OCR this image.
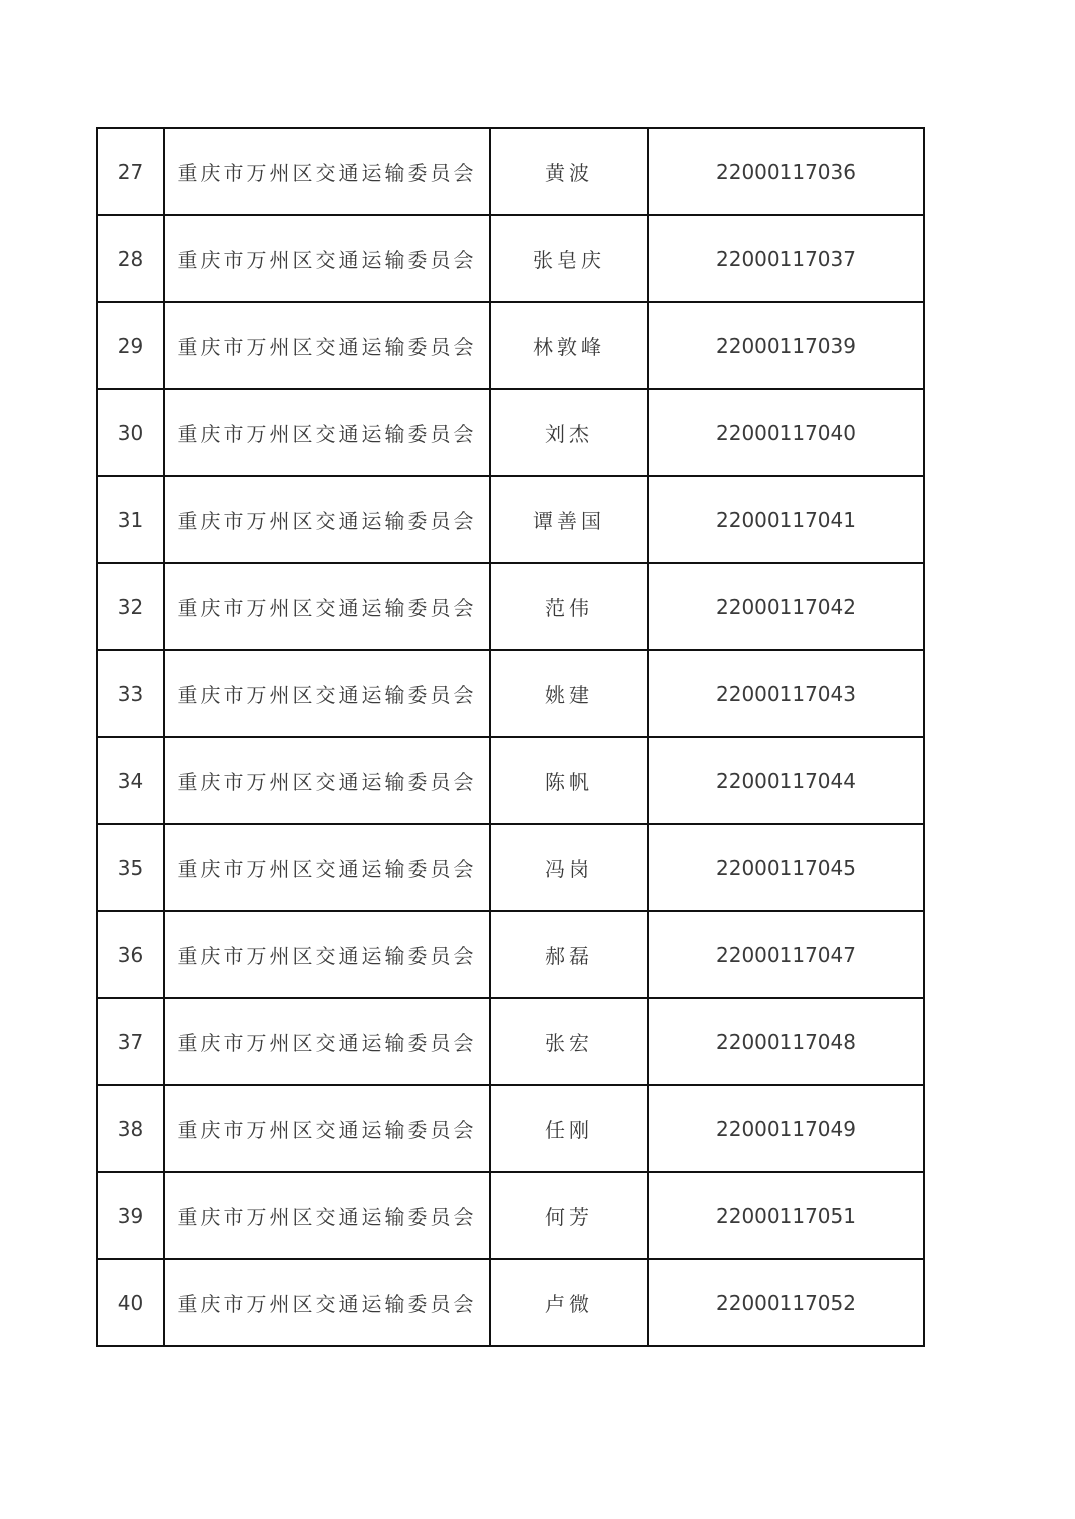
27	重庆市万州区交通运输委员会	黄波	22000117036
28	重庆市万州区交通运输委员会	张皂庆	22000117037
29	重庆市万州区交通运输委员会	林敦峰	22000117039
30	重庆市万州区交通运输委员会	刘杰	22000117040
31	重庆市万州区交通运输委员会	谭善国	22000117041
32	重庆市万州区交通运输委员会	范伟	22000117042
33	重庆市万州区交通运输委员会	姚建	22000117043
34	重庆市万州区交通运输委员会	陈帆	22000117044
35	重庆市万州区交通运输委员会	冯岗	22000117045
36	重庆市万州区交通运输委员会	郝磊	22000117047
37	重庆市万州区交通运输委员会	张宏	22000117048
38	重庆市万州区交通运输委员会	任刚	22000117049
39	重庆市万州区交通运输委员会	何芳	22000117051
40	重庆市万州区交通运输委员会	卢微	22000117052
